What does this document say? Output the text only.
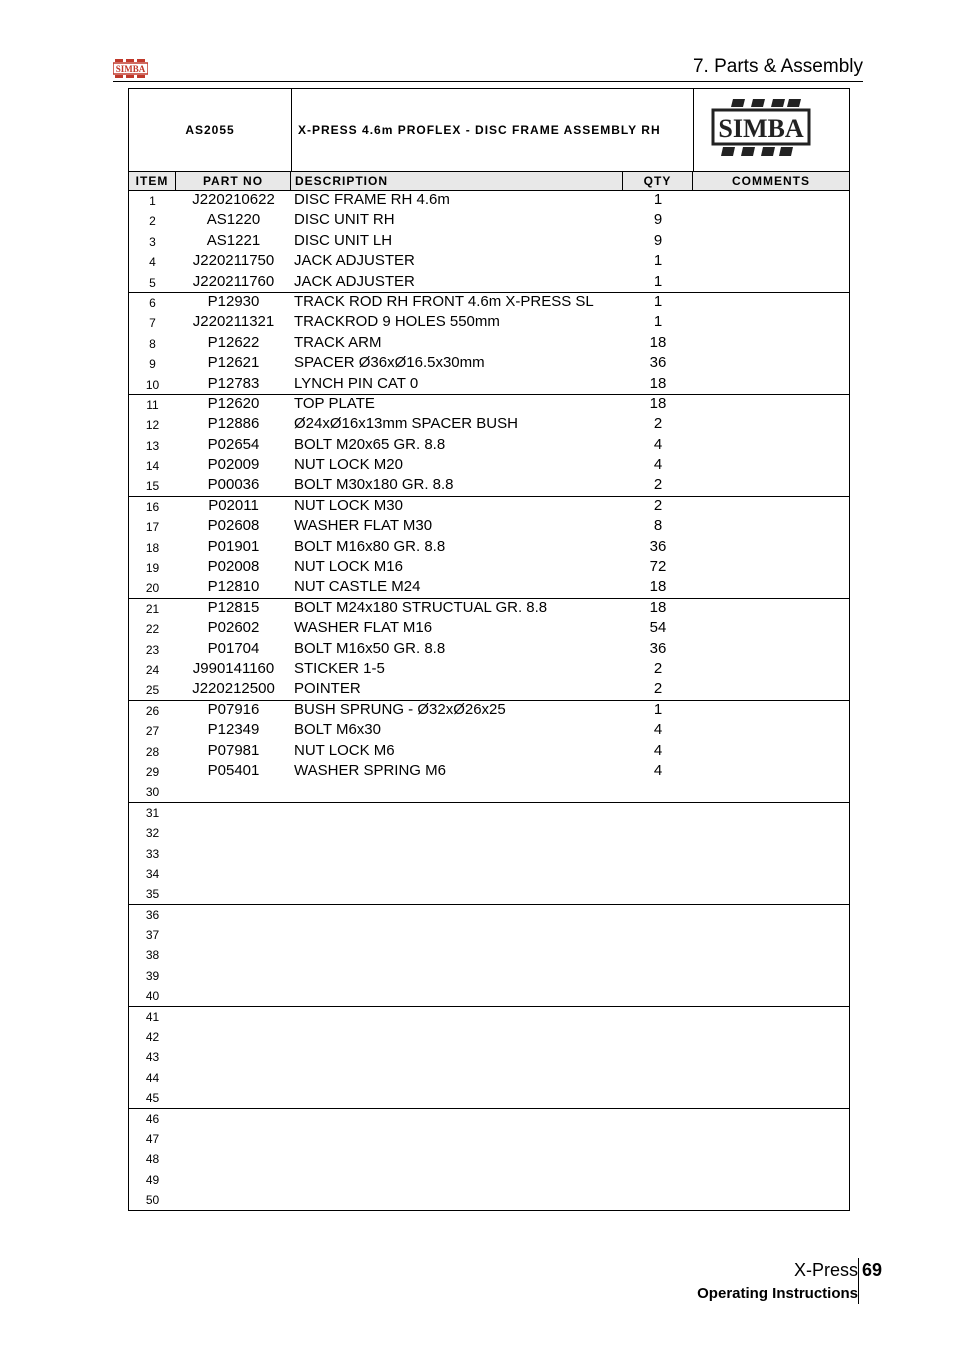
SIMBA	7. Parts & Assembly
AS2055	X-PRESS 4.6m PROFLEX - DISC FRAME ASSEMBLY RH	SIMBA
ITEM	PART NO	DESCRIPTION	QTY	COMMENTS
1	J220210622	DISC FRAME RH 4.6m	1
2	AS1220	DISC UNIT RH	9
3	AS1221	DISC UNIT LH	9
4	J220211750	JACK ADJUSTER	1
5	J220211760	JACK ADJUSTER	1
6	P12930	TRACK ROD RH FRONT 4.6m X-PRESS SL	1
7	J220211321	TRACKROD 9 HOLES 550mm	1
8	P12622	TRACK ARM	18
9	P12621	SPACER Ø36xØ16.5x30mm	36
10	P12783	LYNCH PIN CAT 0	18
11	P12620	TOP PLATE	18
12	P12886	Ø24xØ16x13mm SPACER BUSH	2
13	P02654	BOLT M20x65 GR. 8.8	4
14	P02009	NUT LOCK M20	4
15	P00036	BOLT M30x180 GR. 8.8	2
16	P02011	NUT LOCK M30	2
17	P02608	WASHER FLAT M30	8
18	P01901	BOLT M16x80 GR. 8.8	36
19	P02008	NUT LOCK M16	72
20	P12810	NUT CASTLE M24	18
21	P12815	BOLT M24x180 STRUCTUAL GR. 8.8	18
22	P02602	WASHER FLAT M16	54
23	P01704	BOLT M16x50 GR. 8.8	36
24	J990141160	STICKER 1-5	2
25	J220212500	POINTER	2
26	P07916	BUSH SPRUNG - Ø32xØ26x25	1
27	P12349	BOLT M6x30	4
28	P07981	NUT LOCK M6	4
29	P05401	WASHER SPRING M6	4
30
31
32
33
34
35
36
37
38
39
40
41
42
43
44
45
46
47
48
49
50
X-Press
Operating Instructions
69
